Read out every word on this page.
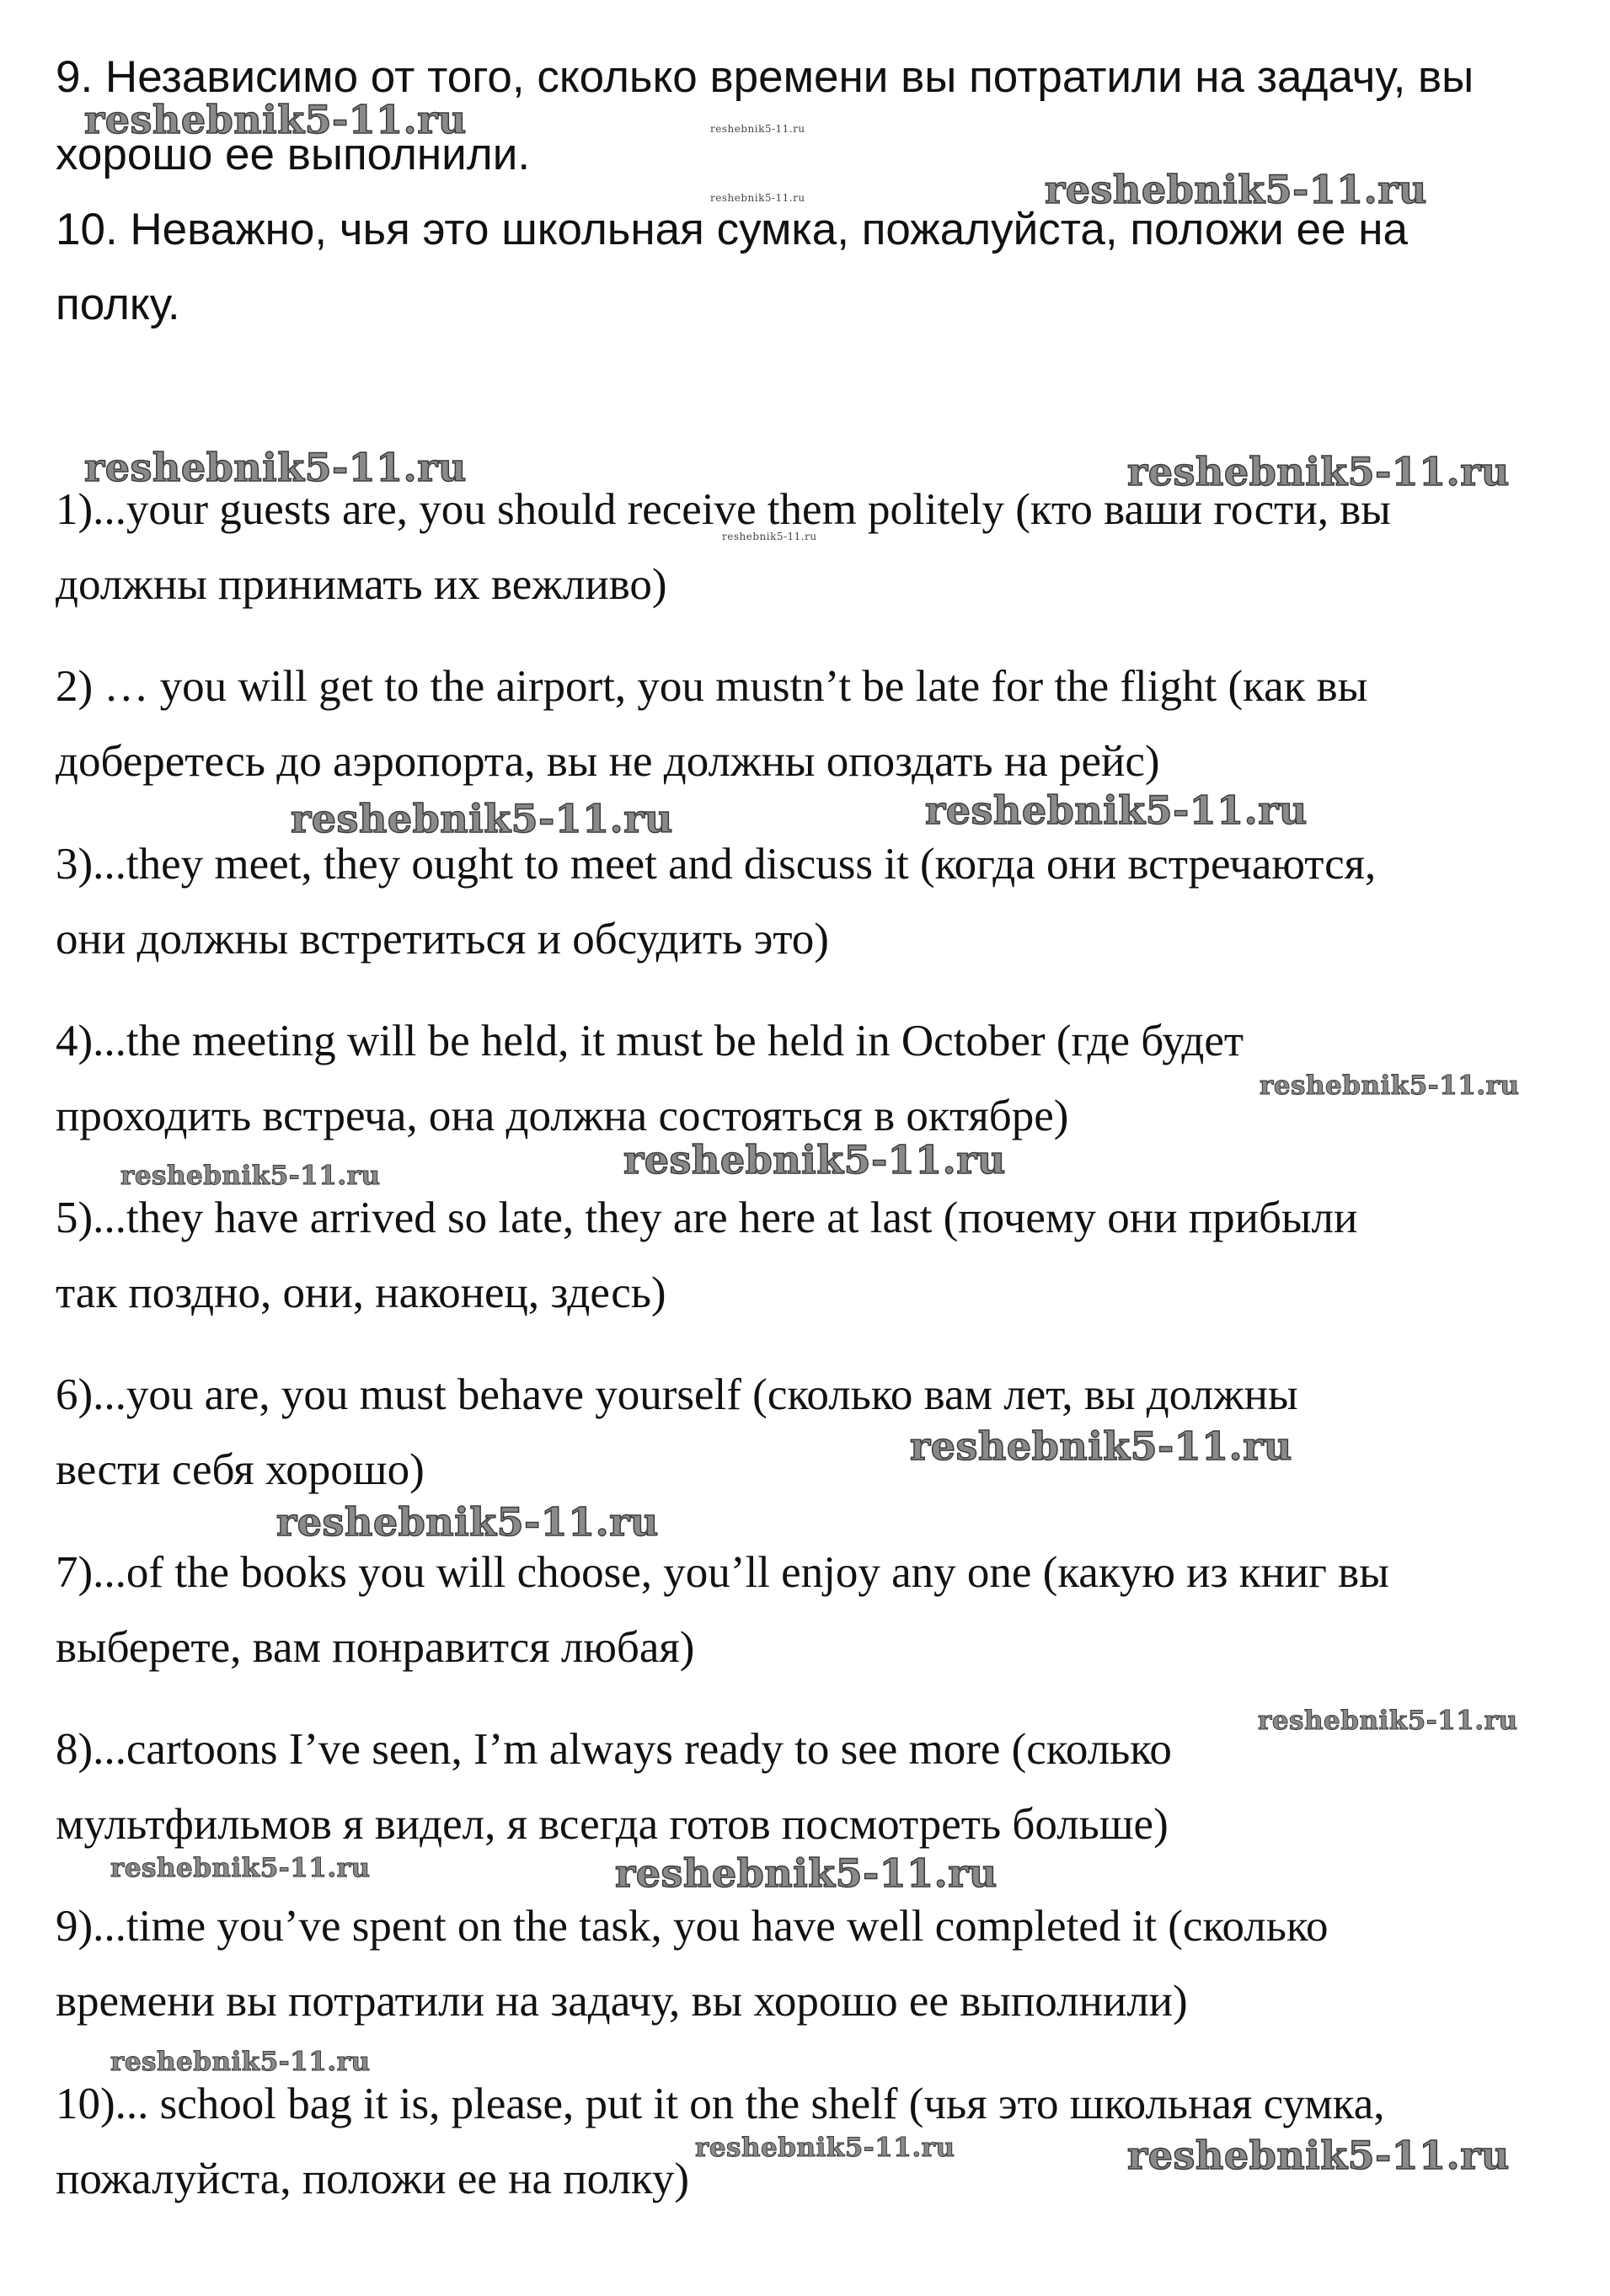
9. Независимо от того, сколько времени вы потратили на задачу, вы
хорошо ее выполнили.
10. Неважно, чья это школьная сумка, пожалуйста, положи ее на
полку.
1)...your guests are, you should receive them politely (кто ваши гости, вы
должны принимать их вежливо)
2) … you will get to the airport, you mustn’t be late for the flight (как вы
доберетесь до аэропорта, вы не должны опоздать на рейс)
3)...they meet, they ought to meet and discuss it (когда они встречаются,
они должны встретиться и обсудить это)
4)...the meeting will be held, it must be held in October (где будет
проходить встреча, она должна состояться в октябре)
5)...they have arrived so late, they are here at last (почему они прибыли
так поздно, они, наконец, здесь)
6)...you are, you must behave yourself (сколько вам лет, вы должны
вести себя хорошо)
7)...of the books you will choose, you’ll enjoy any one (какую из книг вы
выберете, вам понравится любая)
8)...cartoons I’ve seen, I’m always ready to see more (сколько
мультфильмов я видел, я всегда готов посмотреть больше)
9)...time you’ve spent on the task, you have well completed it (сколько
времени вы потратили на задачу, вы хорошо ее выполнили)
10)... school bag it is, please, put it on the shelf (чья это школьная сумка,
пожалуйста, положи ее на полку)
reshebnik5-11.ru	reshebnik5-11.ru
reshebnik5-11.ru	reshebnik5-11.ru
reshebnik5-11.ru	reshebnik5-11.ru
reshebnik5-11.ru
reshebnik5-11.ru	reshebnik5-11.ru
reshebnik5-11.ru
reshebnik5-11.ru	reshebnik5-11.ru
reshebnik5-11.ru
reshebnik5-11.ru
reshebnik5-11.ru
reshebnik5-11.ru	reshebnik5-11.ru
reshebnik5-11.ru
reshebnik5-11.ru	reshebnik5-11.ru
